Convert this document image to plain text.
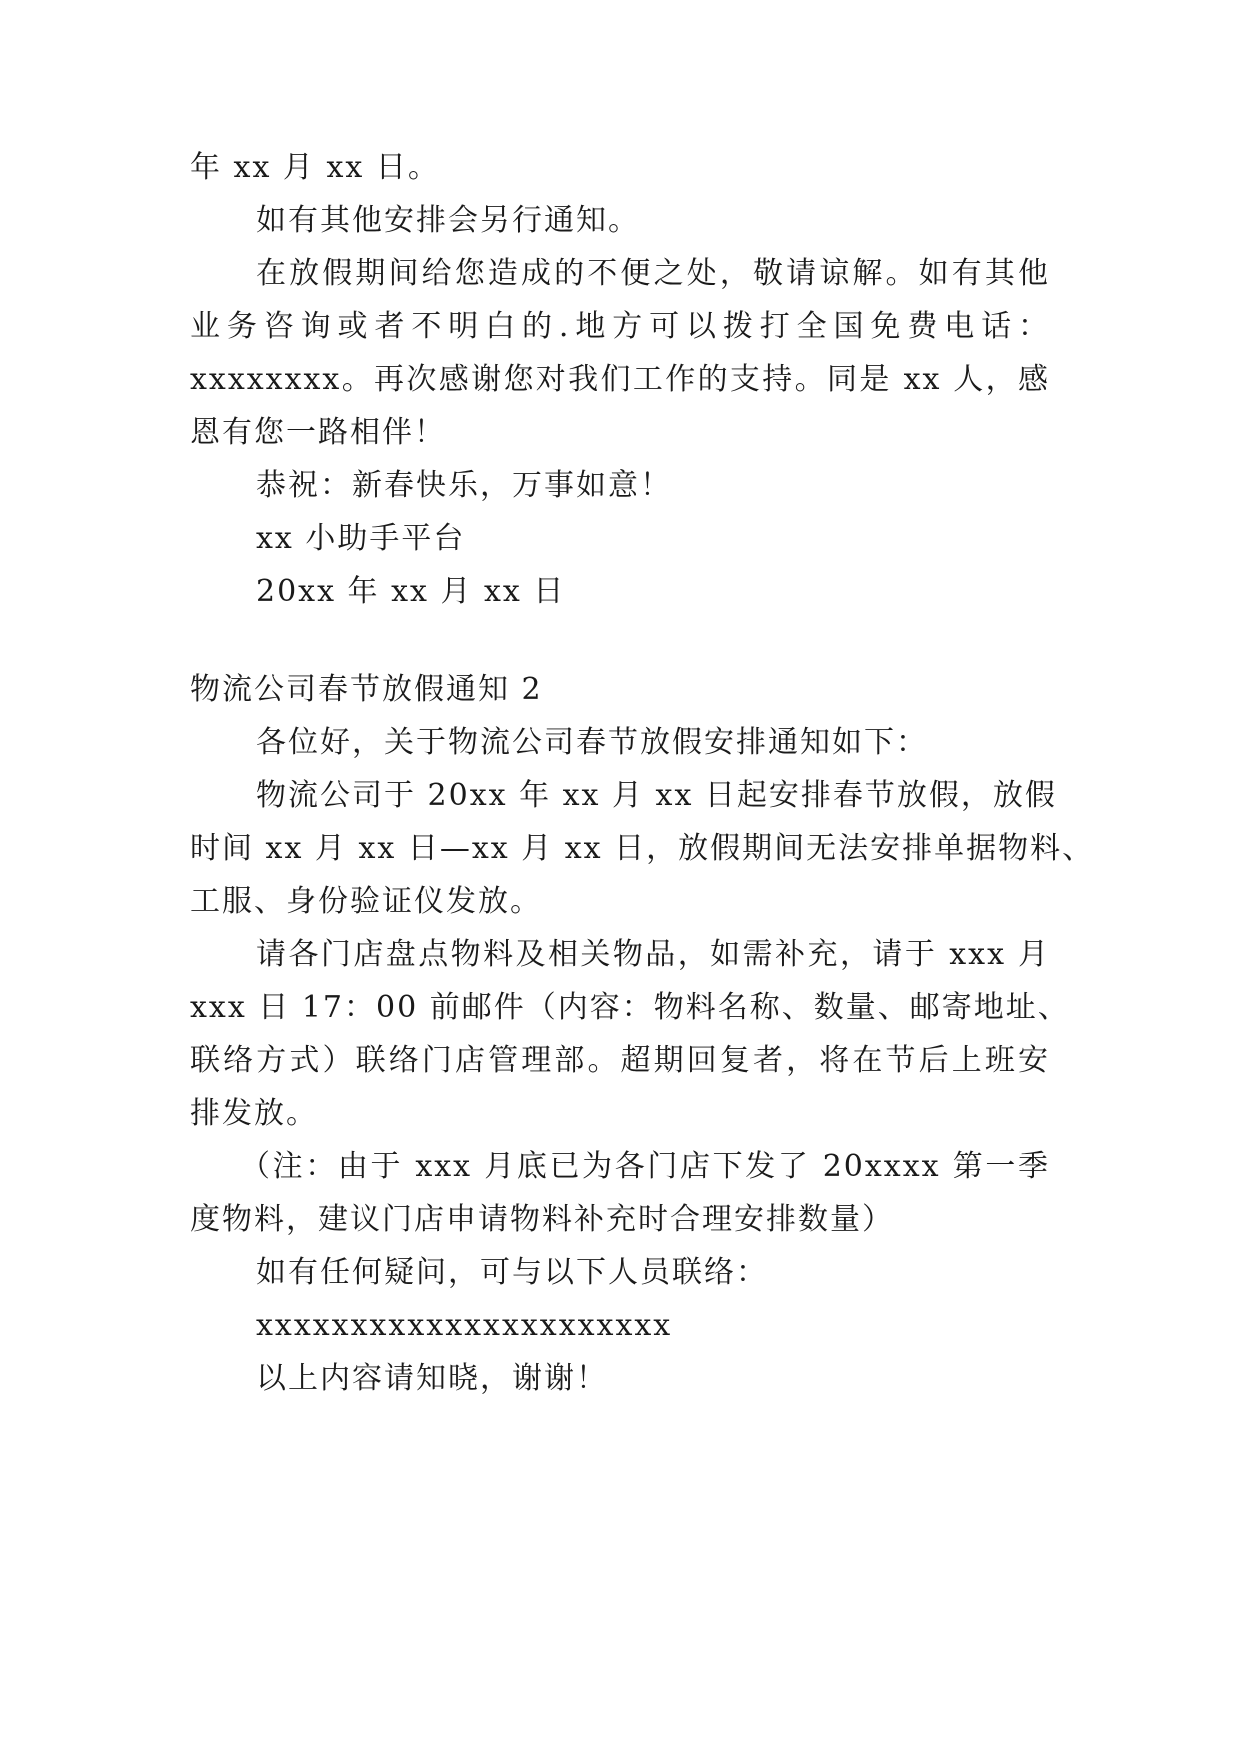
年 xx 月 xx 日。
如有其他安排会另行通知。
在放假期间给您造成的不便之处，敬请谅解。如有其他
业务咨询或者不明白的.地方可以拨打全国免费电话：
xxxxxxxx。再次感谢您对我们工作的支持。同是 xx 人，感
恩有您一路相伴！
恭祝：新春快乐，万事如意！
xx 小助手平台
20xx 年 xx 月 xx 日
物流公司春节放假通知 2
各位好，关于物流公司春节放假安排通知如下：
物流公司于 20xx 年 xx 月 xx 日起安排春节放假，放假
时间 xx 月 xx 日—xx 月 xx 日，放假期间无法安排单据物料、
工服、身份验证仪发放。
请各门店盘点物料及相关物品，如需补充，请于 xxx 月
xxx 日 17：00 前邮件（内容：物料名称、数量、邮寄地址、
联络方式）联络门店管理部。超期回复者，将在节后上班安
排发放。
（注：由于 xxx 月底已为各门店下发了 20xxxx 第一季
度物料，建议门店申请物料补充时合理安排数量）
如有任何疑问，可与以下人员联络：
xxxxxxxxxxxxxxxxxxxxxx
以上内容请知晓，谢谢！
